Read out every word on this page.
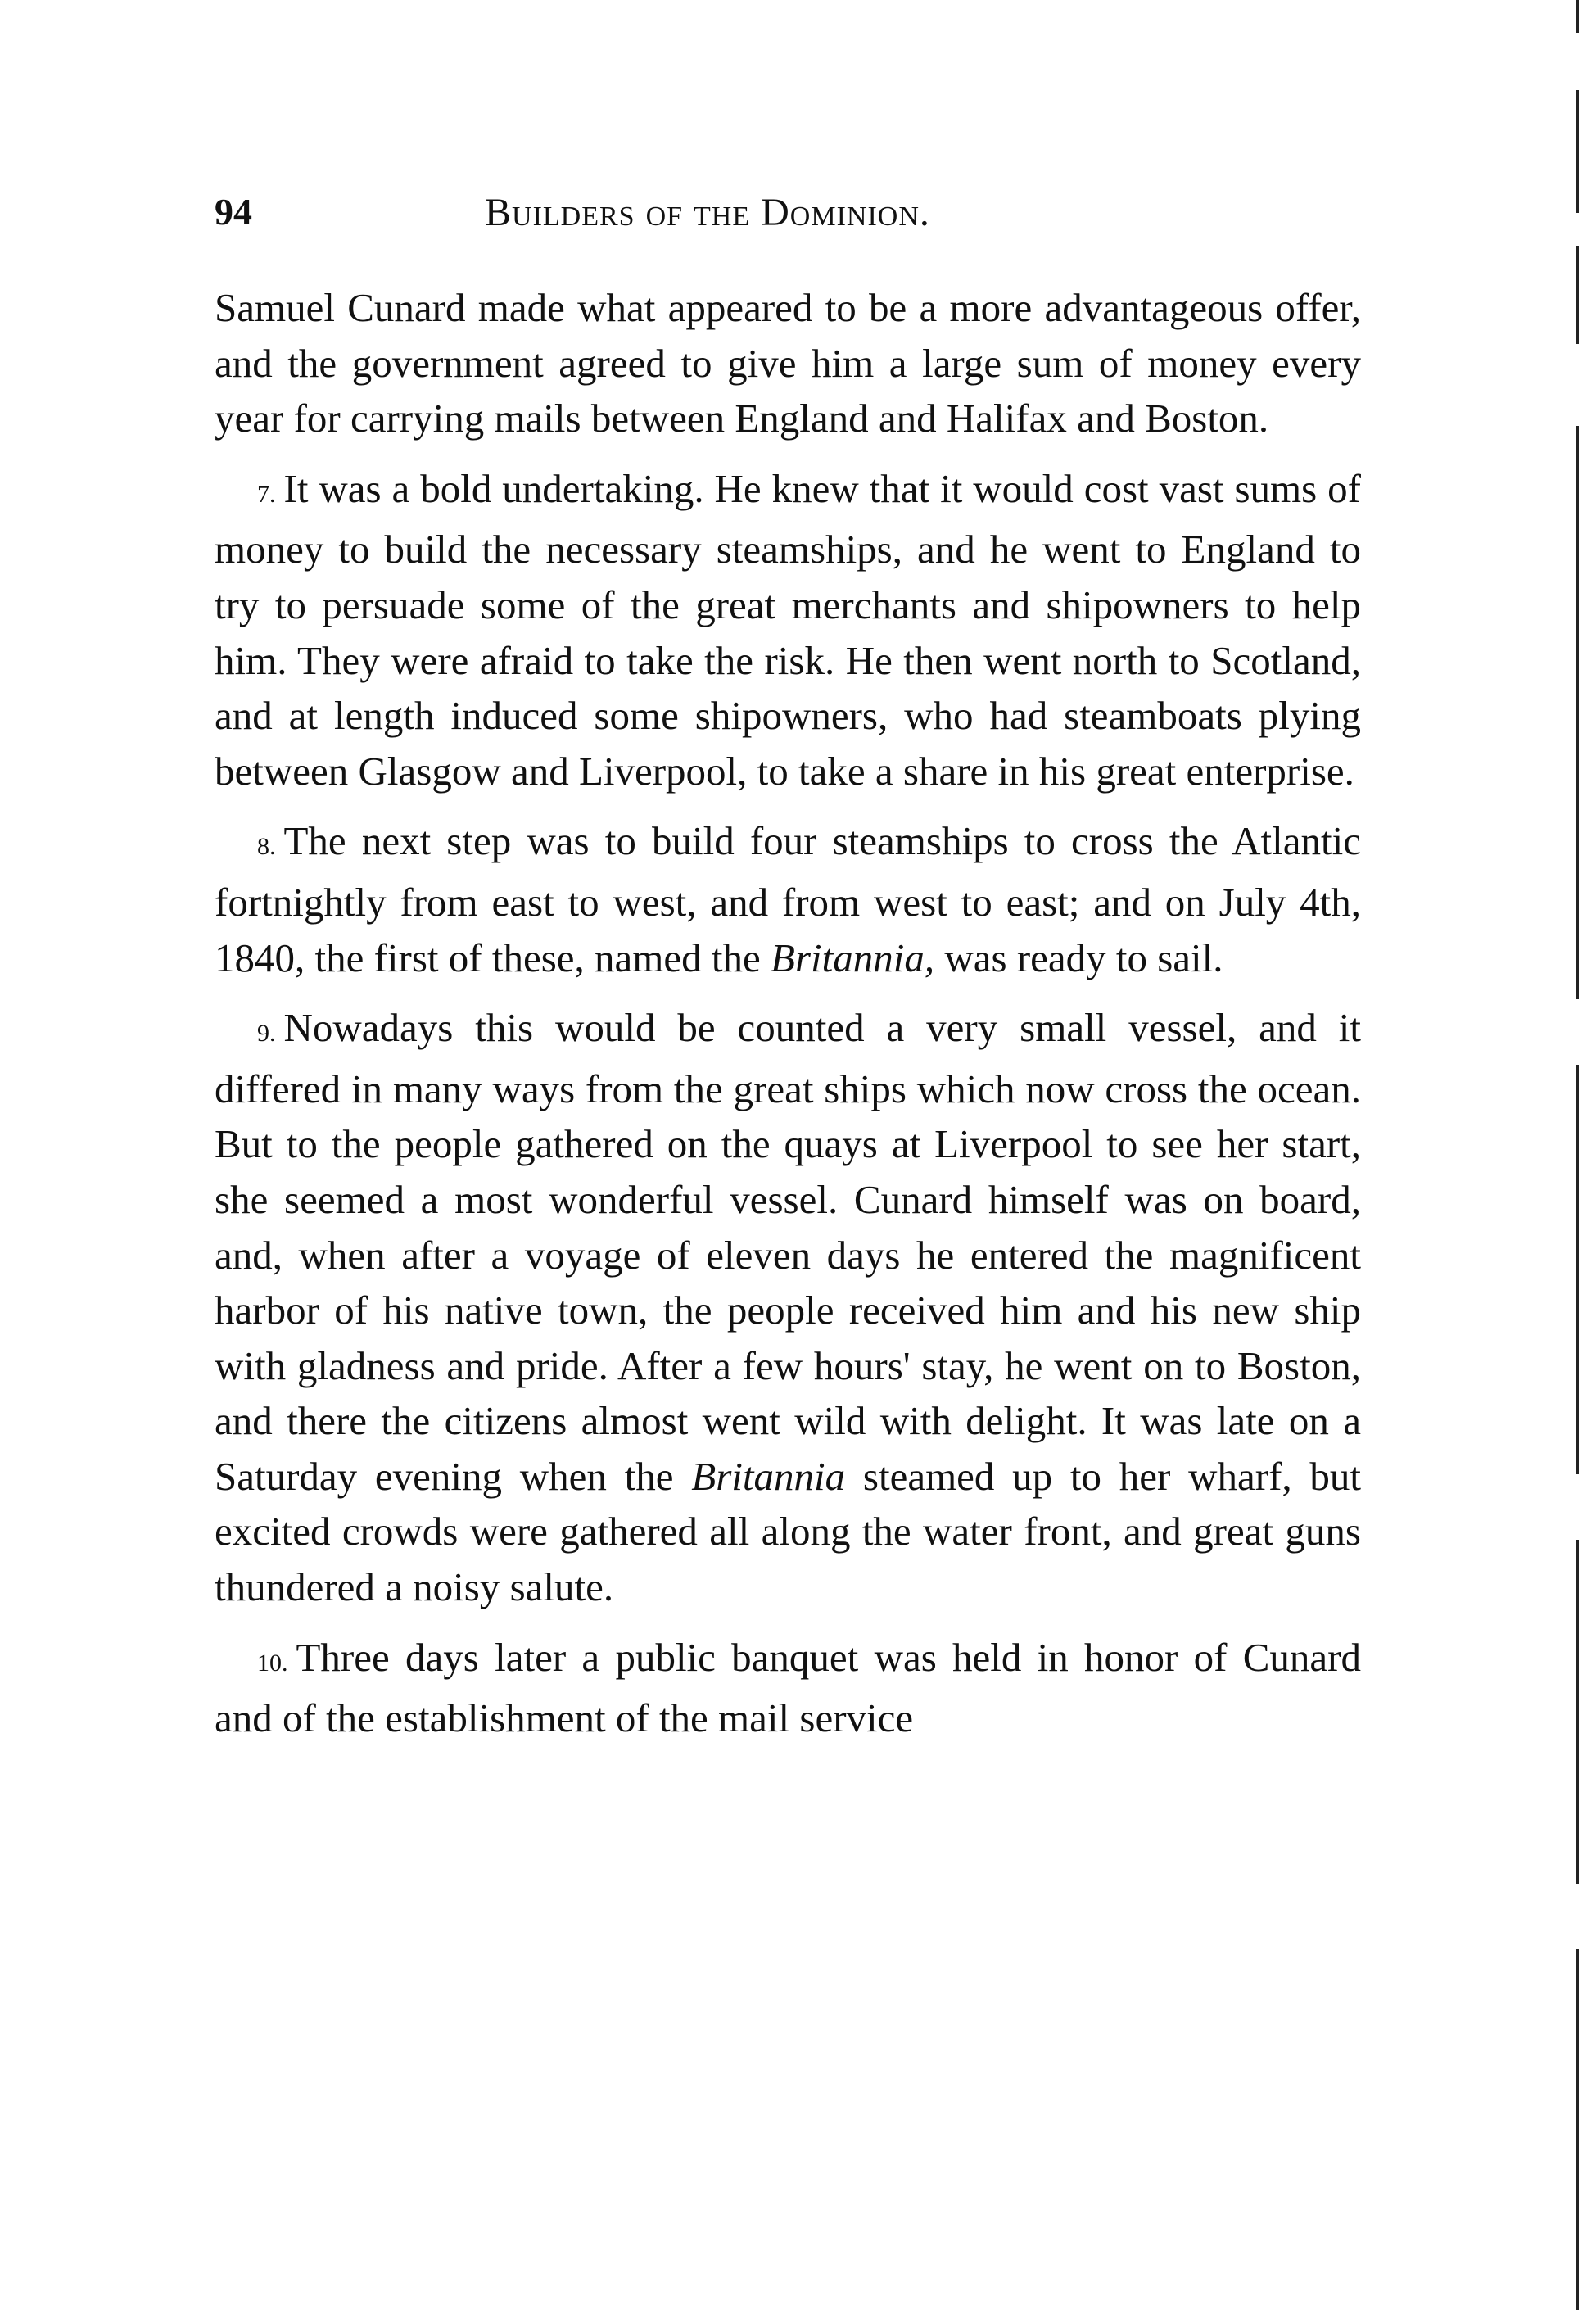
94	Builders of the Dominion.

Samuel Cunard made what appeared to be a more advantageous offer, and the government agreed to give him a large sum of money every year for carrying mails between England and Halifax and Boston.

7. It was a bold undertaking. He knew that it would cost vast sums of money to build the necessary steamships, and he went to England to try to persuade some of the great merchants and shipowners to help him. They were afraid to take the risk. He then went north to Scotland, and at length induced some shipowners, who had steamboats plying between Glasgow and Liverpool, to take a share in his great enterprise.

8. The next step was to build four steamships to cross the Atlantic fortnightly from east to west, and from west to east; and on July 4th, 1840, the first of these, named the Britannia, was ready to sail.

9. Nowadays this would be counted a very small vessel, and it differed in many ways from the great ships which now cross the ocean. But to the people gathered on the quays at Liverpool to see her start, she seemed a most wonderful vessel. Cunard himself was on board, and, when after a voyage of eleven days he entered the magnificent harbor of his native town, the people received him and his new ship with gladness and pride. After a few hours' stay, he went on to Boston, and there the citizens almost went wild with delight. It was late on a Saturday evening when the Britannia steamed up to her wharf, but excited crowds were gathered all along the water front, and great guns thundered a noisy salute.

10. Three days later a public banquet was held in honor of Cunard and of the establishment of the mail service
